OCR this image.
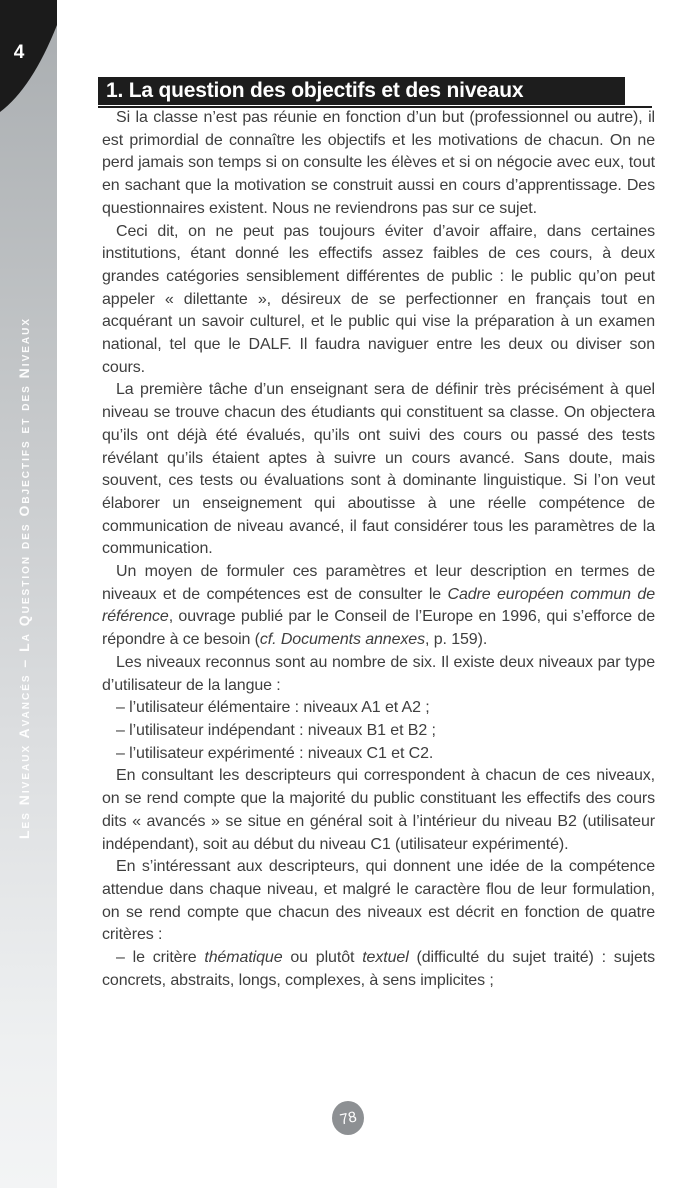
4
Les Niveaux Avancés – La Question des Objectifs et des Niveaux
1. La question des objectifs et des niveaux

Si la classe n’est pas réunie en fonction d’un but (professionnel ou autre), il est primordial de connaître les objectifs et les motivations de chacun. On ne perd jamais son temps si on consulte les élèves et si on négocie avec eux, tout en sachant que la motivation se construit aussi en cours d’apprentissage. Des questionnaires existent. Nous ne reviendrons pas sur ce sujet.

Ceci dit, on ne peut pas toujours éviter d’avoir affaire, dans certaines institutions, étant donné les effectifs assez faibles de ces cours, à deux grandes catégories sensiblement différentes de public : le public qu’on peut appeler « dilettante », désireux de se perfectionner en français tout en acquérant un savoir culturel, et le public qui vise la préparation à un examen national, tel que le DALF. Il faudra naviguer entre les deux ou diviser son cours.

La première tâche d’un enseignant sera de définir très précisément à quel niveau se trouve chacun des étudiants qui constituent sa classe. On objectera qu’ils ont déjà été évalués, qu’ils ont suivi des cours ou passé des tests révélant qu’ils étaient aptes à suivre un cours avancé. Sans doute, mais souvent, ces tests ou évaluations sont à dominante linguistique. Si l’on veut élaborer un enseignement qui aboutisse à une réelle compétence de communication de niveau avancé, il faut considérer tous les paramètres de la communication.

Un moyen de formuler ces paramètres et leur description en termes de niveaux et de compétences est de consulter le Cadre européen commun de référence, ouvrage publié par le Conseil de l’Europe en 1996, qui s’efforce de répondre à ce besoin (cf. Documents annexes, p. 159).

Les niveaux reconnus sont au nombre de six. Il existe deux niveaux par type d’utilisateur de la langue :

– l’utilisateur élémentaire : niveaux A1 et A2 ;

– l’utilisateur indépendant : niveaux B1 et B2 ;

– l’utilisateur expérimenté : niveaux C1 et C2.

En consultant les descripteurs qui correspondent à chacun de ces niveaux, on se rend compte que la majorité du public constituant les effectifs des cours dits « avancés » se situe en général soit à l’intérieur du niveau B2 (utilisateur indépendant), soit au début du niveau C1 (utilisateur expérimenté).

En s’intéressant aux descripteurs, qui donnent une idée de la compétence attendue dans chaque niveau, et malgré le caractère flou de leur formulation, on se rend compte que chacun des niveaux est décrit en fonction de quatre critères :

– le critère thématique ou plutôt textuel (difficulté du sujet traité) : sujets concrets, abstraits, longs, complexes, à sens implicites ;

78
